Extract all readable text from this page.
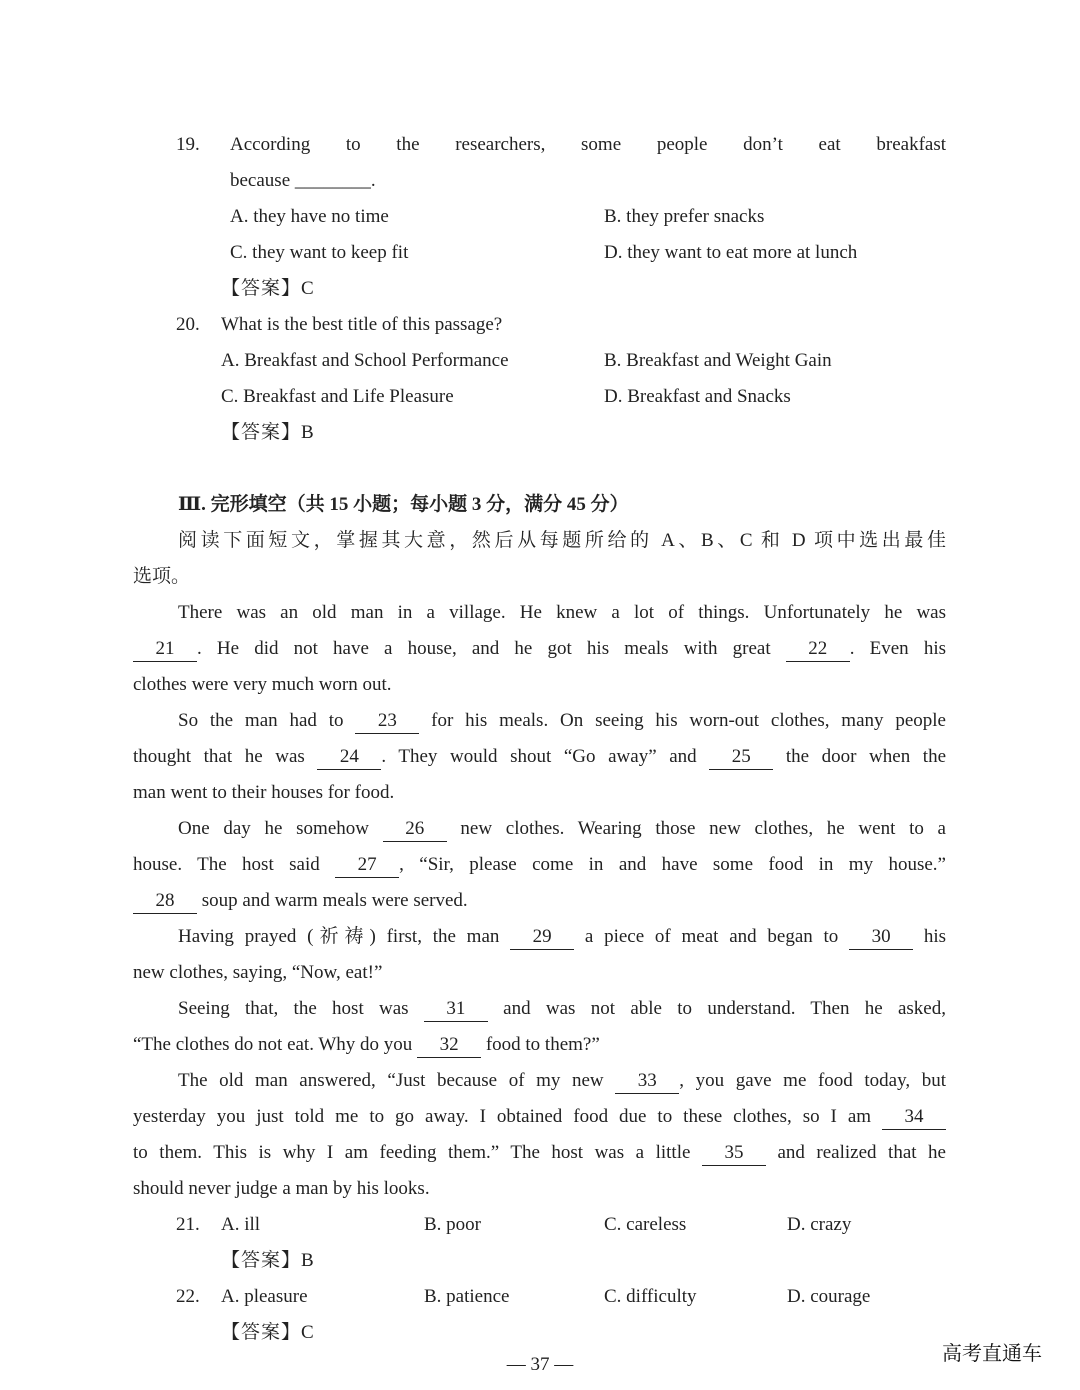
19. According to the researchers, some people don’t eat breakfast
because ________.
A. they have no time	B. they prefer snacks
C. they want to keep fit	D. they want to eat more at lunch
【答案】C
20. What is the best title of this passage?
A. Breakfast and School Performance	B. Breakfast and Weight Gain
C. Breakfast and Life Pleasure	D. Breakfast and Snacks
【答案】B
Ⅲ. 完形填空（共 15 小题；每小题 3 分，满分 45 分）
阅读下面短文，掌握其大意，然后从每题所给的 A、B、C 和 D 项中选出最佳
选项。
There was an old man in a village. He knew a lot of things. Unfortunately he was
21 . He did not have a house, and he got his meals with great 22 . Even his
clothes were very much worn out.
So the man had to 23 for his meals. On seeing his worn-out clothes, many people
thought that he was 24 . They would shout “Go away” and 25 the door when the
man went to their houses for food.
One day he somehow 26 new clothes. Wearing those new clothes, he went to a
house. The host said 27 , “Sir, please come in and have some food in my house.”
28 soup and warm meals were served.
Having prayed (祈祷) first, the man 29 a piece of meat and began to 30 his
new clothes, saying, “Now, eat!”
Seeing that, the host was 31 and was not able to understand. Then he asked,
“The clothes do not eat. Why do you 32 food to them?”
The old man answered, “Just because of my new 33 , you gave me food today, but
yesterday you just told me to go away. I obtained food due to these clothes, so I am 34
to them. This is why I am feeding them.” The host was a little 35 and realized that he
should never judge a man by his looks.
21. A. ill	B. poor	C. careless	D. crazy
【答案】B
22. A. pleasure	B. patience	C. difficulty	D. courage
【答案】C
— 37 —	高考直通车
